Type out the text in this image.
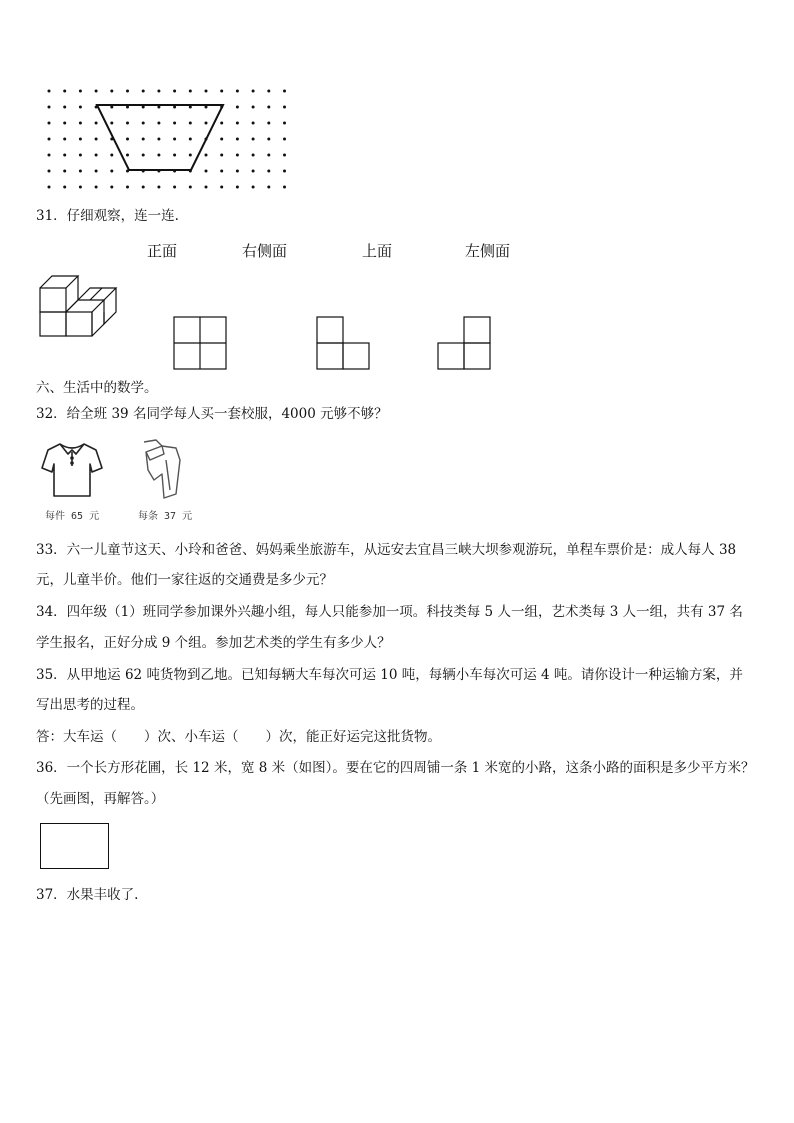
31．仔细观察，连一连.
正面	右侧面	上面	左侧面
六、生活中的数学。
32．给全班 39 名同学每人买一套校服，4000 元够不够？
每件 65 元	每条 37 元
33．六一儿童节这天、小玲和爸爸、妈妈乘坐旅游车，从远安去宜昌三峡大坝参观游玩，单程车票价是：成人每人 38
元，儿童半价。他们一家往返的交通费是多少元？
34．四年级（1）班同学参加课外兴趣小组，每人只能参加一项。科技类每 5 人一组，艺术类每 3 人一组，共有 37 名
学生报名，正好分成 9 个组。参加艺术类的学生有多少人？
35．从甲地运 62 吨货物到乙地。已知每辆大车每次可运 10 吨，每辆小车每次可运 4 吨。请你设计一种运输方案，并
写出思考的过程。
答：大车运（　　）次、小车运（　　）次，能正好运完这批货物。
36．一个长方形花圃，长 12 米，宽 8 米（如图）。要在它的四周铺一条 1 米宽的小路，这条小路的面积是多少平方米？
（先画图，再解答。）
37．水果丰收了.
